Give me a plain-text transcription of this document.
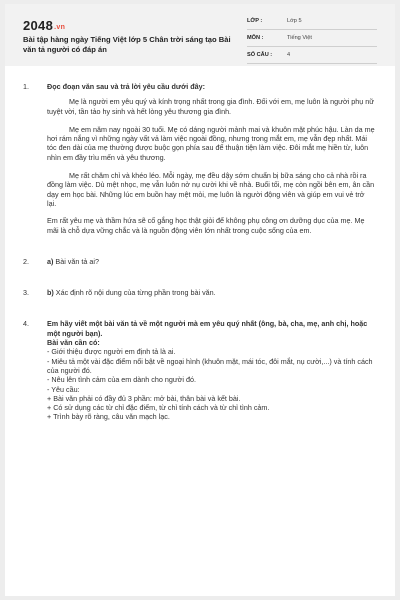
2048.vn
Bài tập hàng ngày Tiếng Việt lớp 5 Chân trời sáng tạo Bài văn tả người có đáp án
LỚP :	Lớp 5
MÔN :	Tiếng Việt
SỐ CÂU :	4
1.	Đọc đoạn văn sau và trả lời yêu cầu dưới đây:

Mẹ là người em yêu quý và kính trọng nhất trong gia đình. Đối với em, mẹ luôn là người phụ nữ tuyệt vời, tần tảo hy sinh và hết lòng yêu thương gia đình.

Mẹ em năm nay ngoài 30 tuổi. Mẹ có dáng người mảnh mai và khuôn mặt phúc hậu. Làn da mẹ hơi rám nắng vì những ngày vất vả làm việc ngoài đồng, nhưng trong mắt em, mẹ vẫn đẹp nhất. Mái tóc đen dài của mẹ thường được buộc gọn phía sau để thuận tiện làm việc. Đôi mắt mẹ hiền từ, luôn nhìn em đầy trìu mến và yêu thương.

Mẹ rất chăm chỉ và khéo léo. Mỗi ngày, mẹ đều dậy sớm chuẩn bị bữa sáng cho cả nhà rồi ra đồng làm việc. Dù mệt nhọc, mẹ vẫn luôn nở nụ cười khi về nhà. Buổi tối, mẹ còn ngồi bên em, ân cần dạy em học bài. Những lúc em buồn hay mệt mỏi, mẹ luôn là người động viên và giúp em vui vẻ trở lại.

Em rất yêu mẹ và thầm hứa sẽ cố gắng học thật giỏi để không phụ công ơn dưỡng dục của mẹ. Mẹ mãi là chỗ dựa vững chắc và là nguồn động viên lớn nhất trong cuộc sống của em.

2.	a) Bài văn tả ai?

3.	b) Xác định rõ nội dung của từng phần trong bài văn.

4.	Em hãy viết một bài văn tả về một người mà em yêu quý nhất (ông, bà, cha, mẹ, anh chị, hoặc một người bạn).

Bài văn cần có:

- Giới thiệu được người em định tả là ai.

- Miêu tả một vài đặc điểm nổi bật về ngoại hình (khuôn mặt, mái tóc, đôi mắt, nụ cười,...) và tính cách của người đó.

- Nêu lên tình cảm của em dành cho người đó.

- Yêu cầu:

+ Bài văn phải có đầy đủ 3 phần: mở bài, thân bài và kết bài.

+ Có sử dụng các từ chỉ đặc điểm, từ chỉ tính cách và từ chỉ tình cảm.

+ Trình bày rõ ràng, câu văn mạch lạc.
